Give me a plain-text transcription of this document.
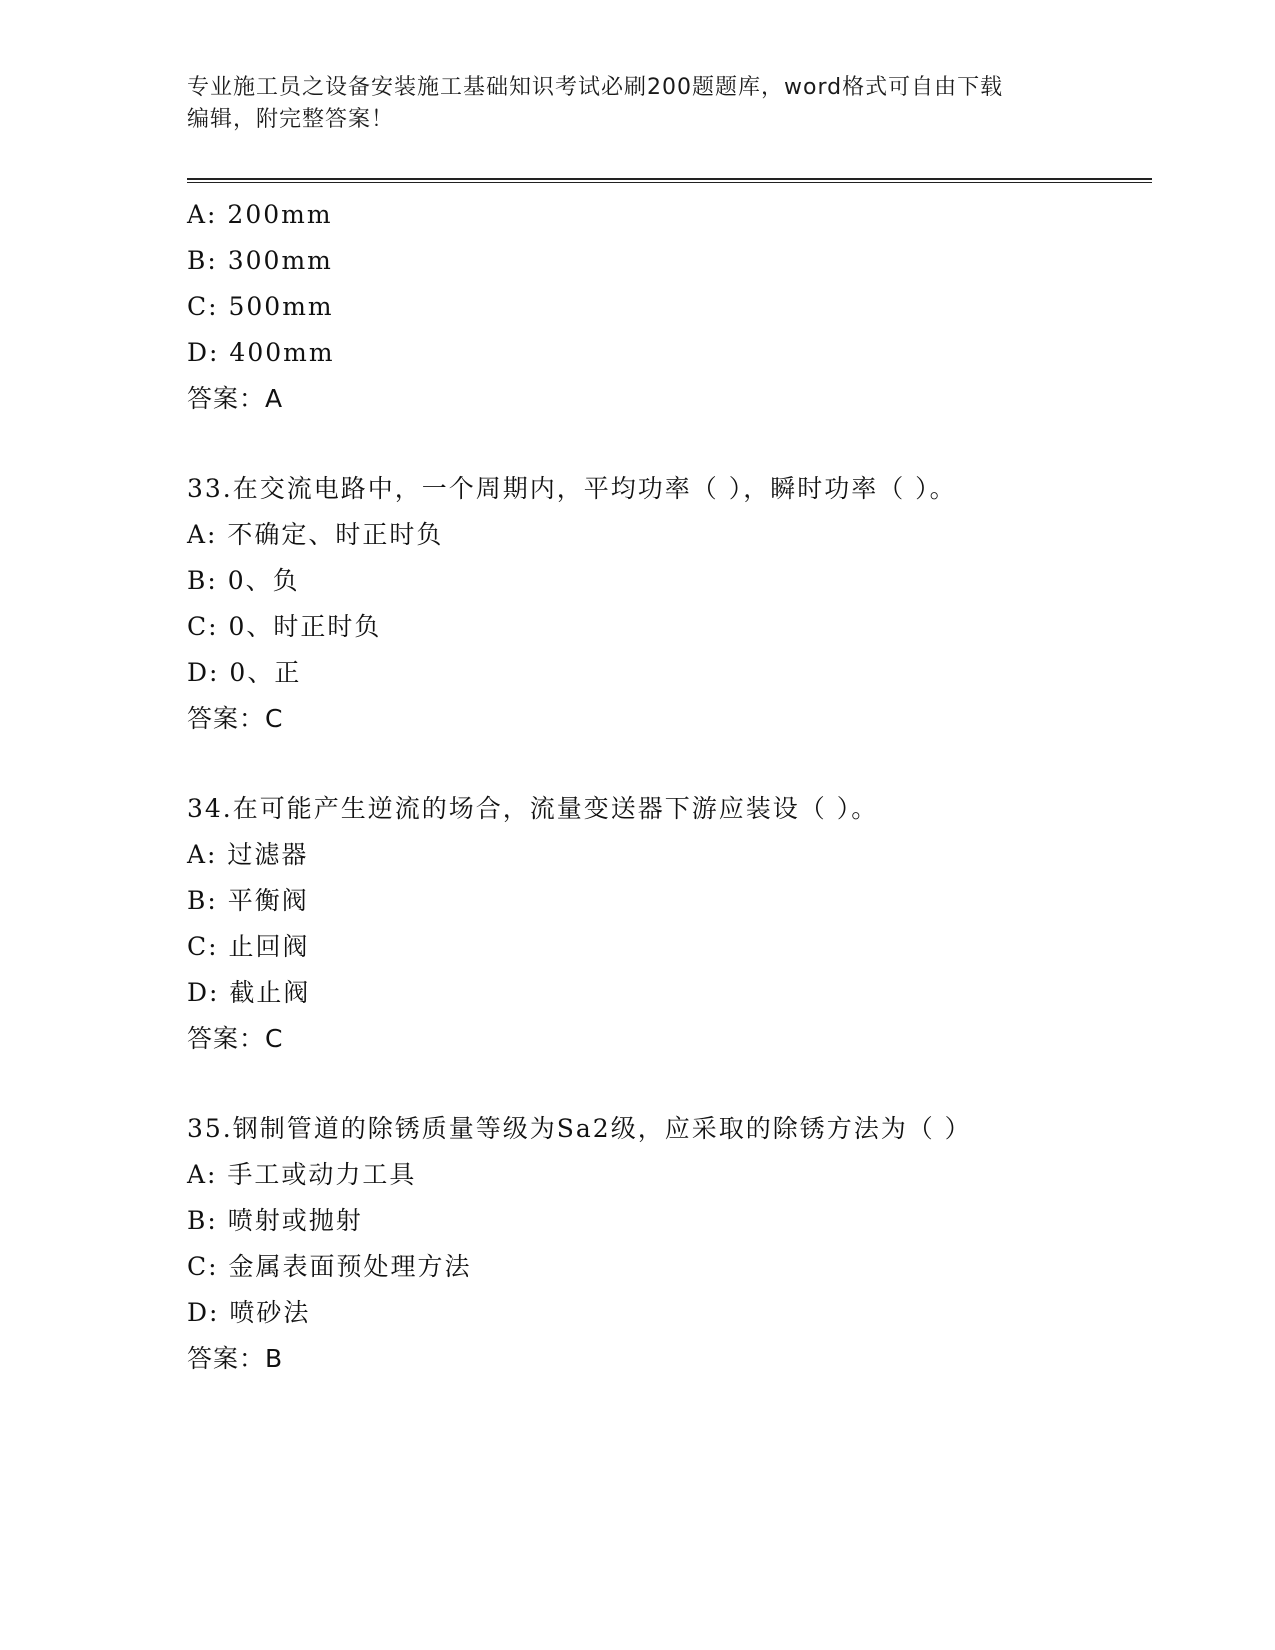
专业施工员之设备安装施工基础知识考试必刷200题题库，word格式可自由下载
编辑，附完整答案！
A: 200mm
B: 300mm
C: 500mm
D: 400mm
答案：A
33.在交流电路中，一个周期内，平均功率（ ），瞬时功率（ ）。
A: 不确定、时正时负
B: 0、负
C: 0、时正时负
D: 0、正
答案：C
34.在可能产生逆流的场合，流量变送器下游应装设（ ）。
A: 过滤器
B: 平衡阀
C: 止回阀
D: 截止阀
答案：C
35.钢制管道的除锈质量等级为Sa2级，应采取的除锈方法为（ ）
A: 手工或动力工具
B: 喷射或抛射
C: 金属表面预处理方法
D: 喷砂法
答案：B
